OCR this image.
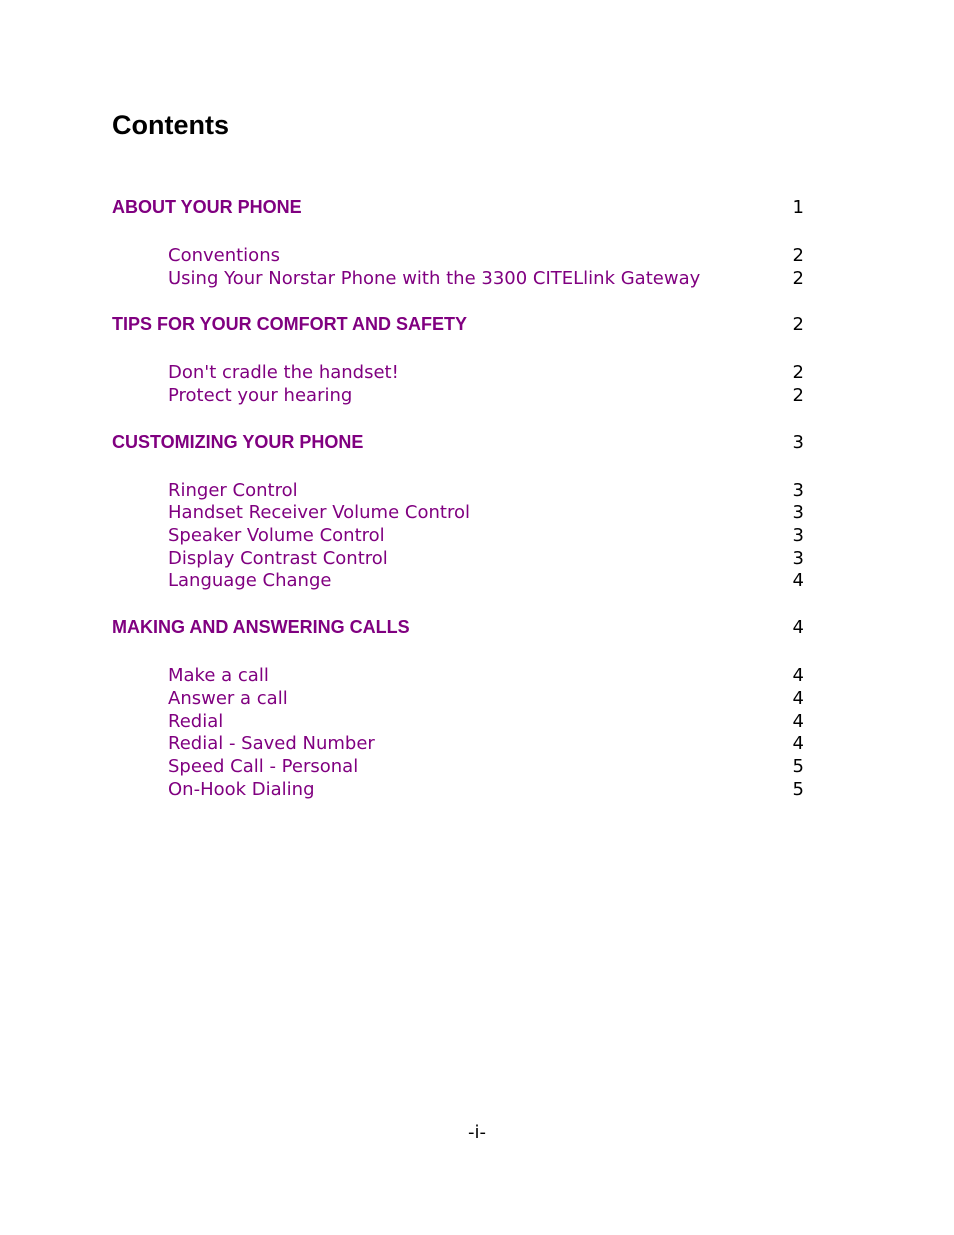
Contents
ABOUT YOUR PHONE	1
Conventions	2
Using Your Norstar Phone with the 3300 CITELlink Gateway	2
TIPS FOR YOUR COMFORT AND SAFETY	2
Don't cradle the handset!	2
Protect your hearing	2
CUSTOMIZING YOUR PHONE	3
Ringer Control	3
Handset Receiver Volume Control	3
Speaker Volume Control	3
Display Contrast Control	3
Language Change	4
MAKING AND ANSWERING CALLS	4
Make a call	4
Answer a call	4
Redial	4
Redial - Saved Number	4
Speed Call - Personal	5
On-Hook Dialing	5
-i-
